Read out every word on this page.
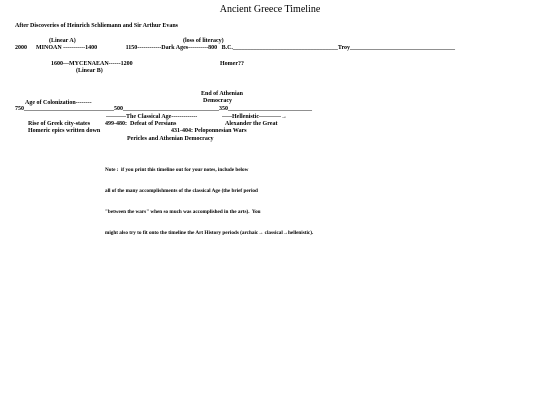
Ancient Greece Timeline
After Discoveries of Heinrich Schliemann and Sir Arthur Evans
(Linear A)	(loss of literacy)
2000      MINOAN -----------1400                   1150------------Dark Ages----------800   B.C.___________________________________Troy___________________________________
1600---MYCENAEAN------1200	Homer??
(Linear B)
End of Athenian
Democracy
Age of Colonization--------
750______________________________500________________________________350____________________________
----------The Classical Age-------------	-----Hellenistic-----------→
Rise of Greek city-states 499-480:  Defeat of Persians	Alexander the Great
Homeric epics written down	431-404: Peloponnesian Wars
Pericles and Athenian Democracy

Note :  if you print this timeline out for your notes, include below

all of the many accomplishments of the classical Age (the brief period

"between the wars" when so much was accomplished in the arts).  You

might also try to fit onto the timeline the Art History periods (archaic→ classical→hellenistic).
